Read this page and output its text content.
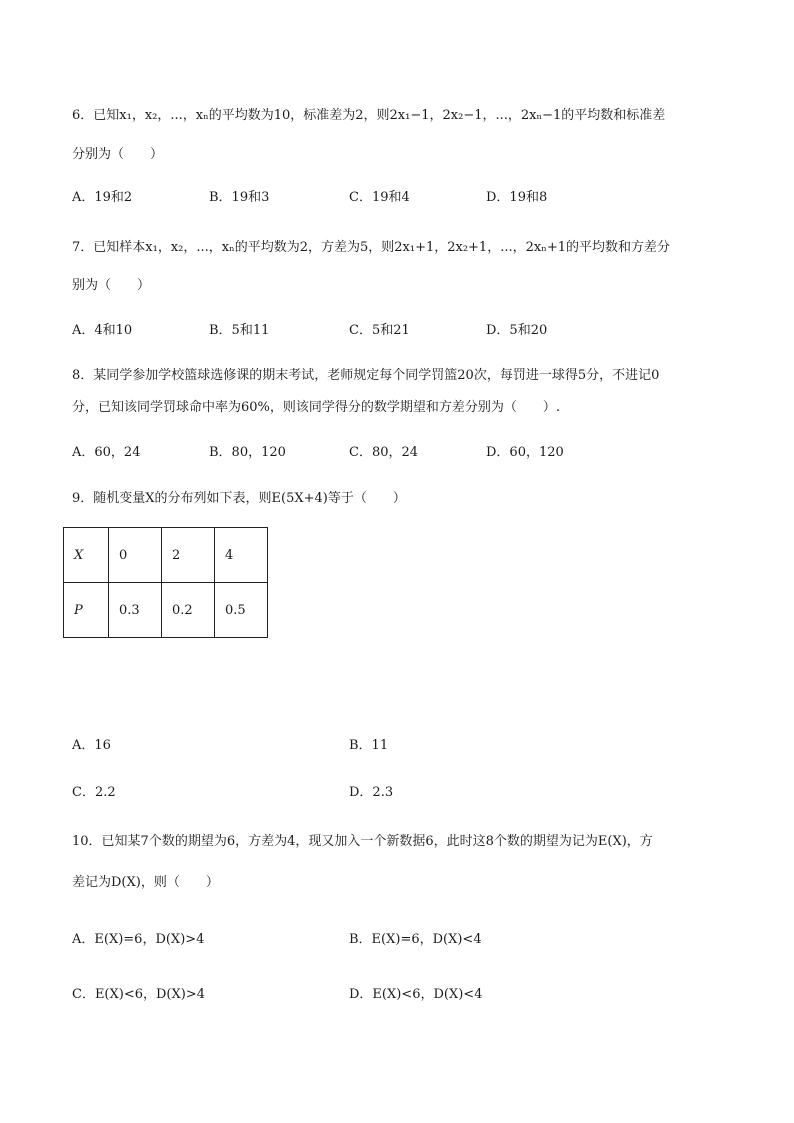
6．已知x₁，x₂，...，xₙ的平均数为10，标准差为2，则2x₁−1，2x₂−1，...，2xₙ−1的平均数和标准差
分别为（　　）
A．19和2	B．19和3	C．19和4	D．19和8
7．已知样本x₁，x₂，...，xₙ的平均数为2，方差为5，则2x₁+1，2x₂+1，...，2xₙ+1的平均数和方差分
别为（　　）
A．4和10	B．5和11	C．5和21	D．5和20
8．某同学参加学校篮球选修课的期末考试，老师规定每个同学罚篮20次，每罚进一球得5分，不进记0
分，已知该同学罚球命中率为60%，则该同学得分的数学期望和方差分别为（　　）.
A．60，24	B．80，120	C．80，24	D．60，120
9．随机变量X的分布列如下表，则E(5X+4)等于（　　）
A．16	B．11
C．2.2	D．2.3
10．已知某7个数的期望为6，方差为4，现又加入一个新数据6，此时这8个数的期望为记为E(X)，方
差记为D(X)，则（　　）
A．E(X)=6，D(X)>4	B．E(X)=6，D(X)<4
C．E(X)<6，D(X)>4	D．E(X)<6，D(X)<4
X	0	2	4
P	0.3	0.2	0.5
